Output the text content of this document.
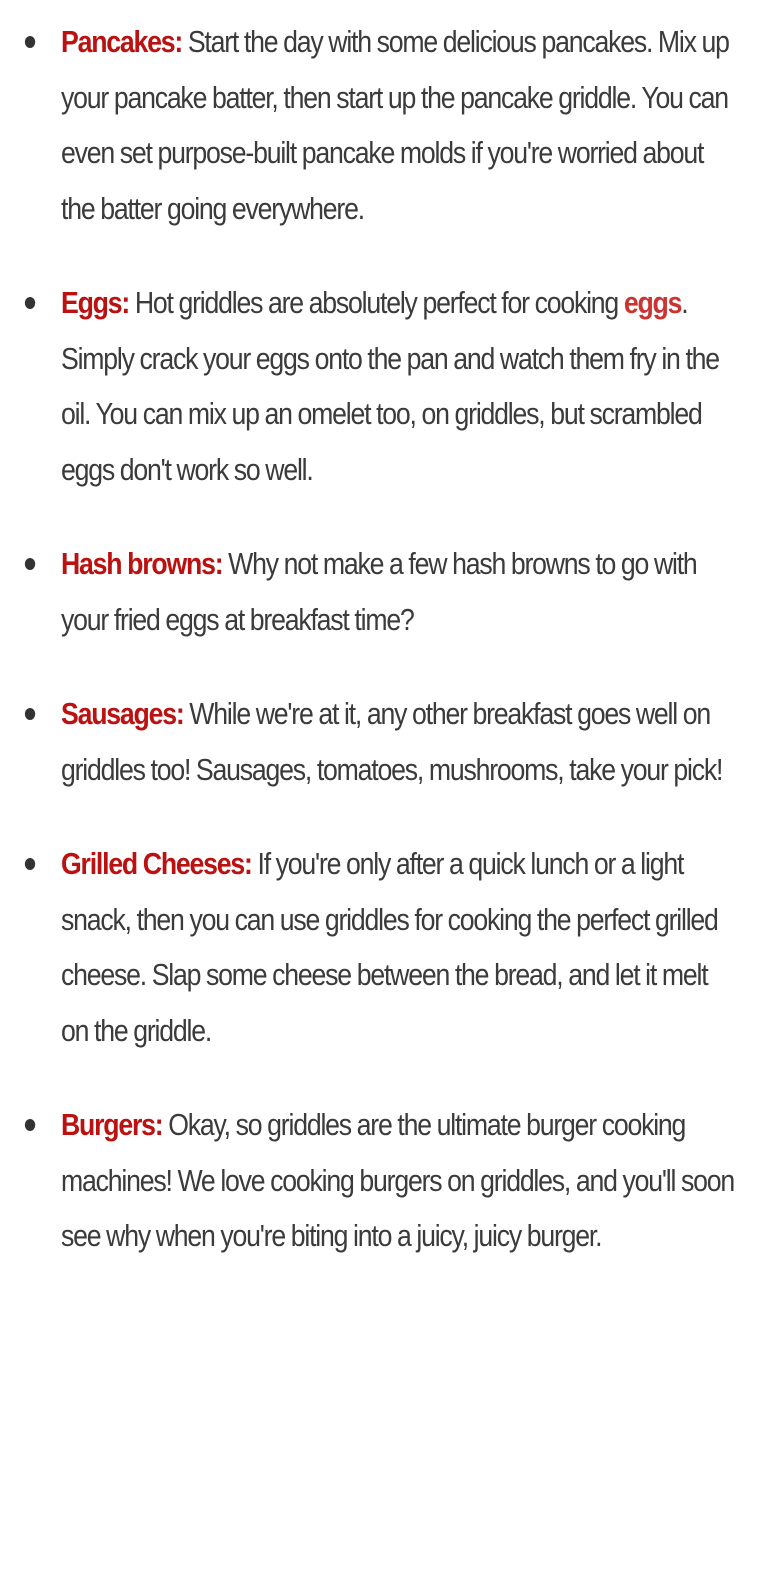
Pancakes: Start the day with some delicious pancakes. Mix up your pancake batter, then start up the pancake griddle. You can even set purpose-built pancake molds if you're worried about the batter going everywhere.
Eggs: Hot griddles are absolutely perfect for cooking eggs. Simply crack your eggs onto the pan and watch them fry in the oil. You can mix up an omelet too, on griddles, but scrambled eggs don't work so well.
Hash browns: Why not make a few hash browns to go with your fried eggs at breakfast time?
Sausages: While we're at it, any other breakfast goes well on griddles too! Sausages, tomatoes, mushrooms, take your pick!
Grilled Cheeses: If you're only after a quick lunch or a light snack, then you can use griddles for cooking the perfect grilled cheese. Slap some cheese between the bread, and let it melt on the griddle.
Burgers: Okay, so griddles are the ultimate burger cooking machines! We love cooking burgers on griddles, and you'll soon see why when you're biting into a juicy, juicy burger.
